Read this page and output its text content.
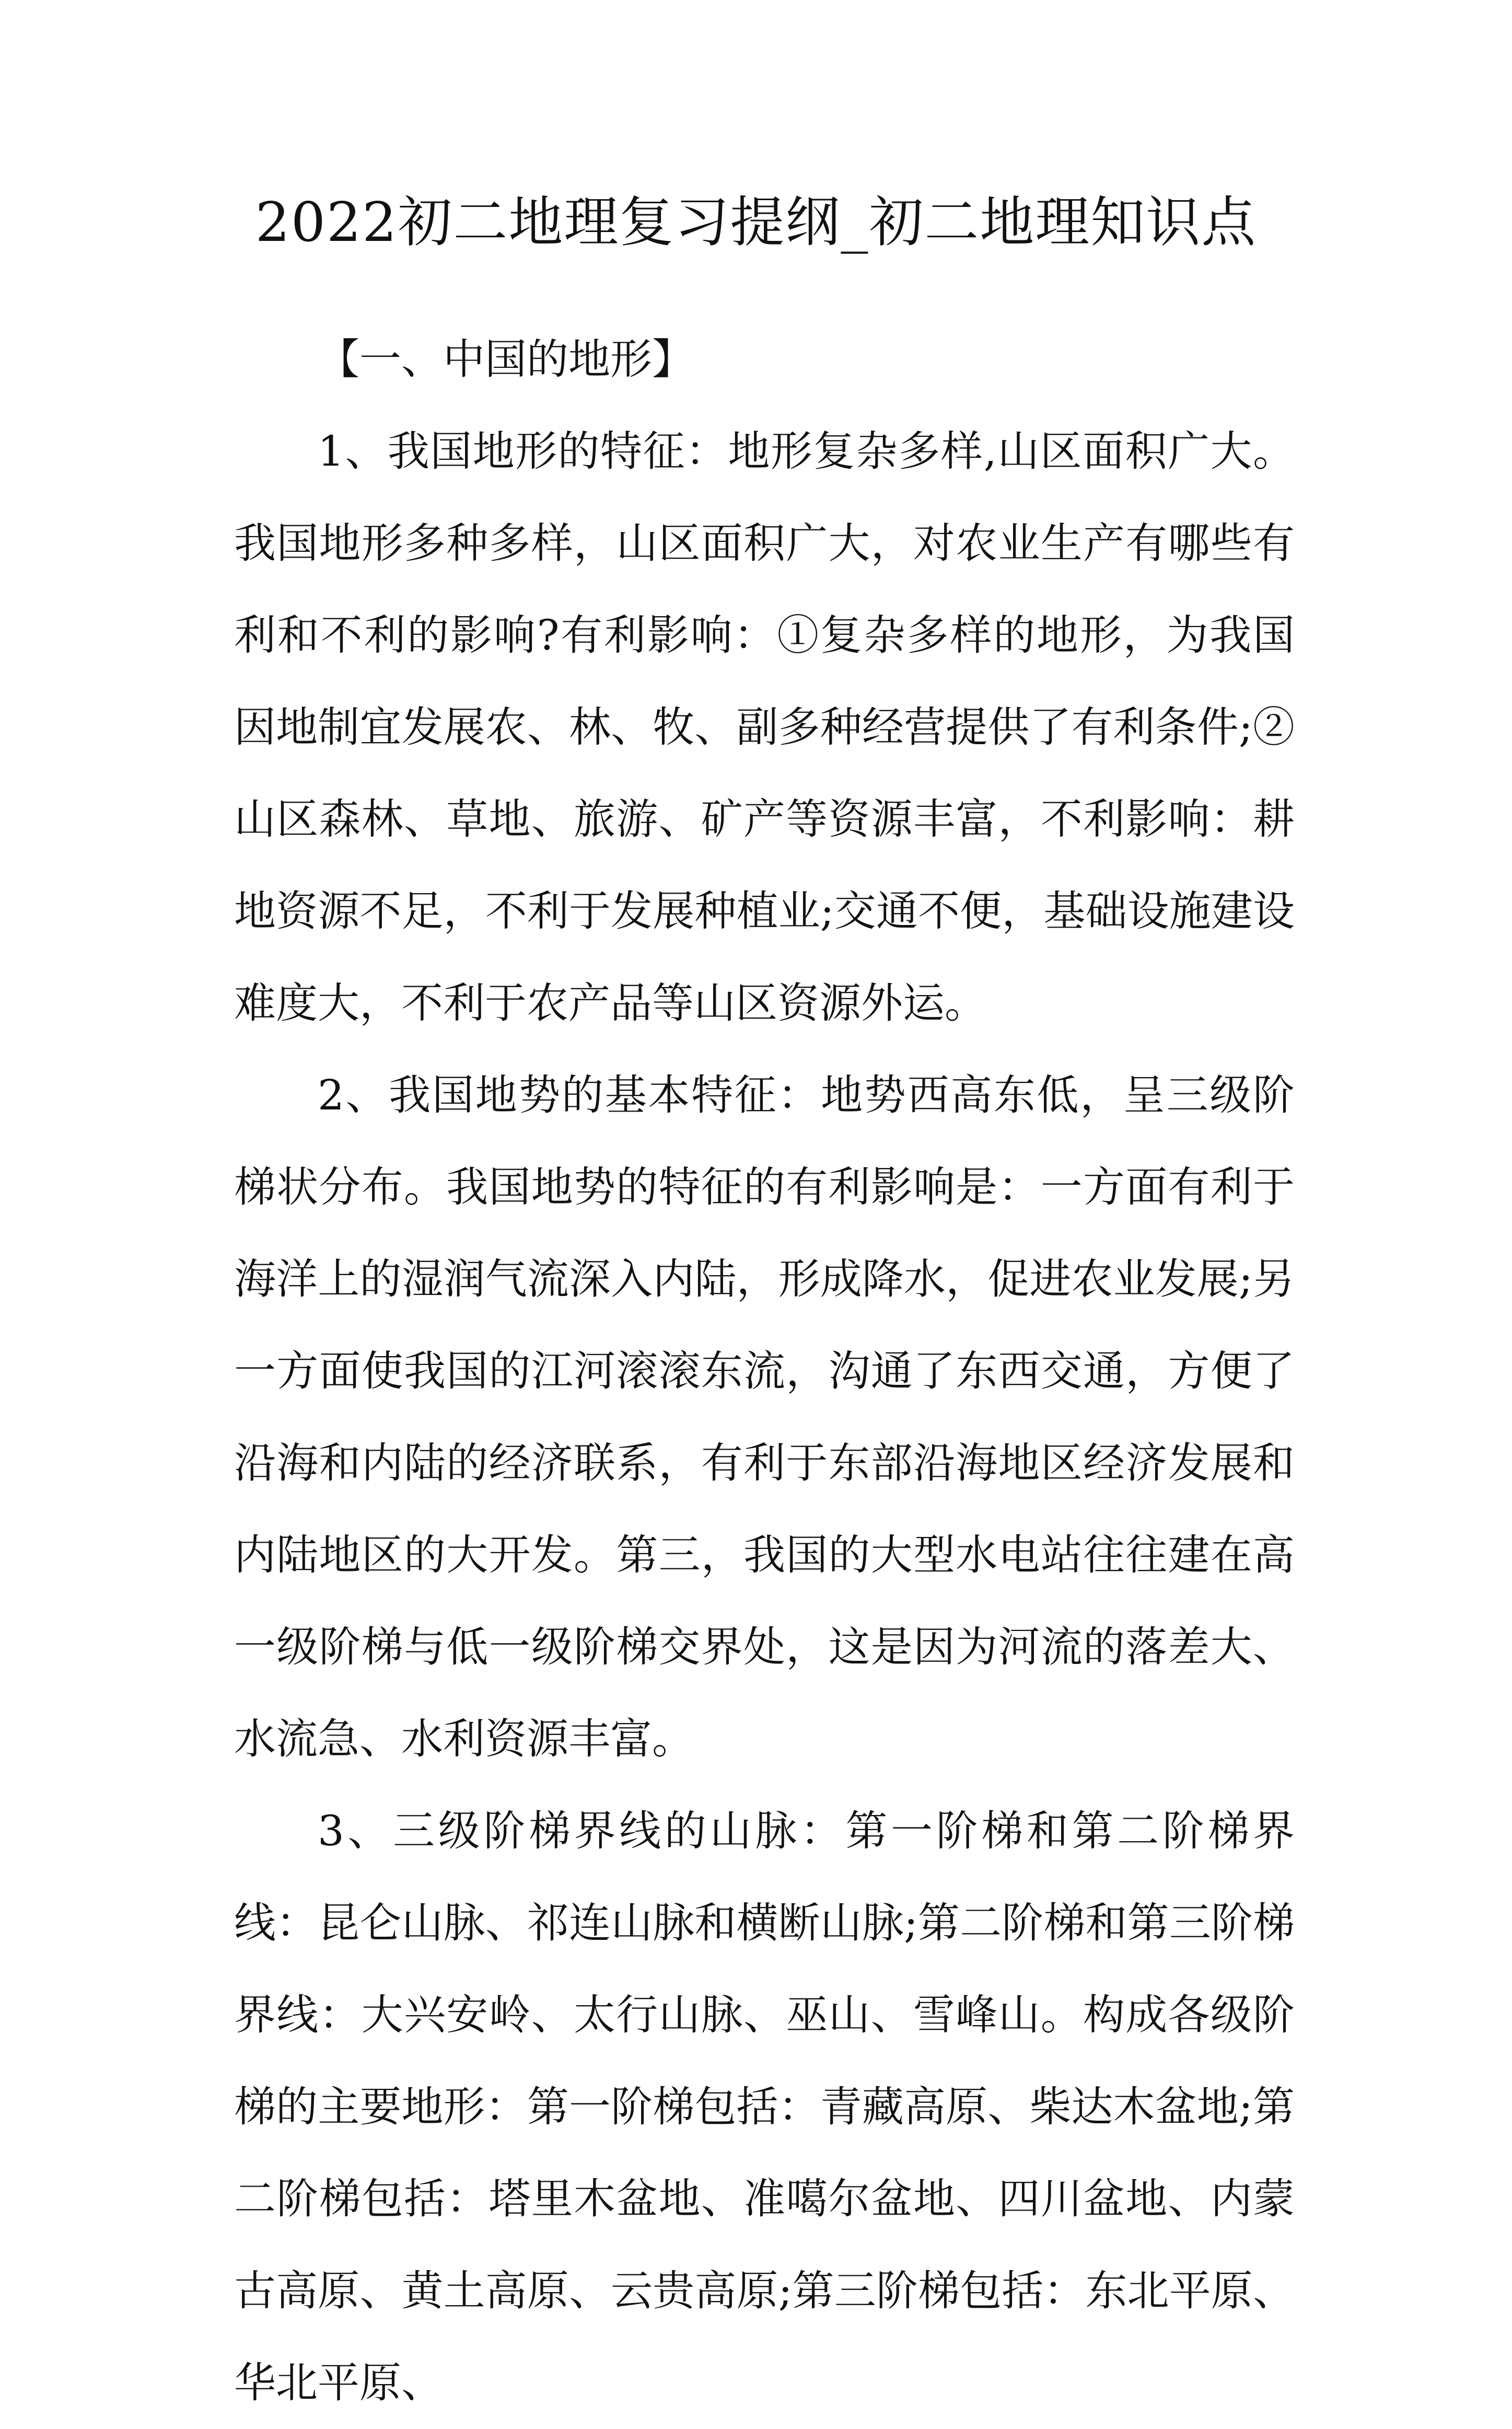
2022初二地理复习提纲_初二地理知识点

【一、中国的地形】

1、我国地形的特征：地形复杂多样,山区面积广大。我国地形多种多样，山区面积广大，对农业生产有哪些有利和不利的影响?有利影响：①复杂多样的地形，为我国因地制宜发展农、林、牧、副多种经营提供了有利条件;②山区森林、草地、旅游、矿产等资源丰富，不利影响：耕地资源不足，不利于发展种植业;交通不便，基础设施建设难度大，不利于农产品等山区资源外运。

2、我国地势的基本特征：地势西高东低，呈三级阶梯状分布。我国地势的特征的有利影响是：一方面有利于海洋上的湿润气流深入内陆，形成降水，促进农业发展;另一方面使我国的江河滚滚东流，沟通了东西交通，方便了沿海和内陆的经济联系，有利于东部沿海地区经济发展和内陆地区的大开发。第三，我国的大型水电站往往建在高一级阶梯与低一级阶梯交界处，这是因为河流的落差大、水流急、水利资源丰富。

3、三级阶梯界线的山脉：第一阶梯和第二阶梯界线：昆仑山脉、祁连山脉和横断山脉;第二阶梯和第三阶梯界线：大兴安岭、太行山脉、巫山、雪峰山。构成各级阶梯的主要地形：第一阶梯包括：青藏高原、柴达木盆地;第二阶梯包括：塔里木盆地、准噶尔盆地、四川盆地、内蒙古高原、黄土高原、云贵高原;第三阶梯包括：东北平原、华北平原、
